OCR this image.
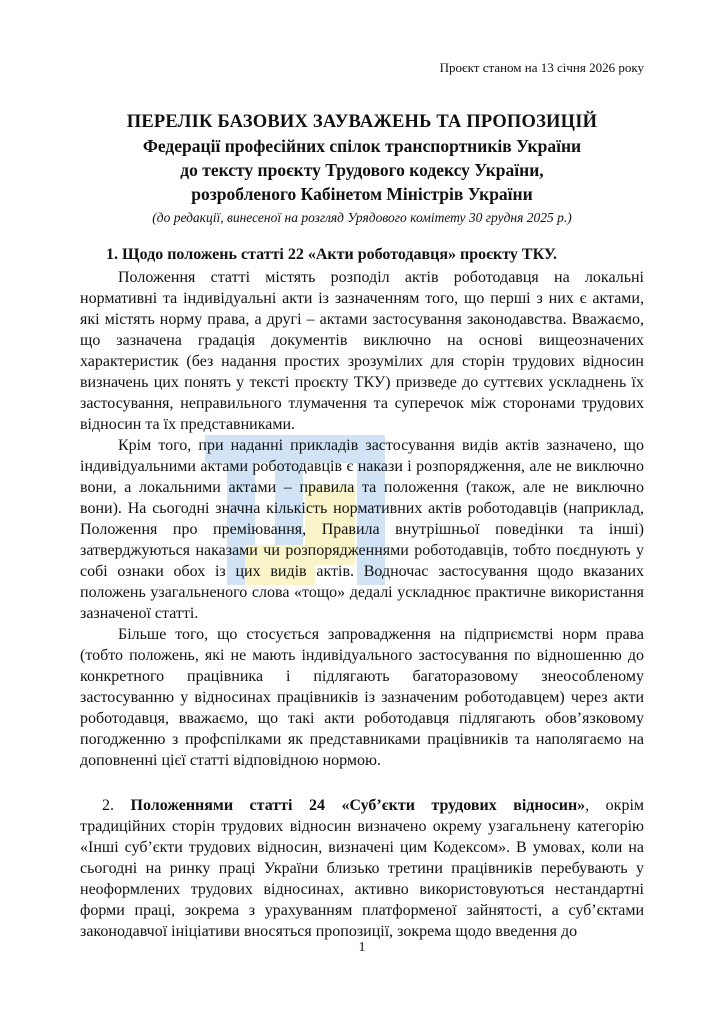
Проєкт станом на 13 січня 2026 року
ПЕРЕЛІК БАЗОВИХ ЗАУВАЖЕНЬ ТА ПРОПОЗИЦІЙ
Федерації професійних спілок транспортників України
до тексту проєкту Трудового кодексу України,
розробленого Кабінетом Міністрів України
(до редакції, винесеної на розгляд Урядового комітету 30 грудня 2025 р.)
1. Щодо положень статті 22 «Акти роботодавця» проєкту ТКУ.

Положення статті містять розподіл актів роботодавця на локальні нормативні та індивідуальні акти із зазначенням того, що перші з них є актами, які містять норму права, а другі – актами застосування законодавства. Вважаємо, що зазначена градація документів виключно на основі вищеозначених характеристик (без надання простих зрозумілих для сторін трудових відносин визначень цих понять у тексті проєкту ТКУ) призведе до суттєвих ускладнень їх застосування, неправильного тлумачення та суперечок між сторонами трудових відносин та їх представниками.

Крім того, при наданні прикладів застосування видів актів зазначено, що індивідуальними актами роботодавців є накази і розпорядження, але не виключно вони, а локальними актами – правила та положення (також, але не виключно вони). На сьогодні значна кількість нормативних актів роботодавців (наприклад, Положення про преміювання, Правила внутрішньої поведінки та інші) затверджуються наказами чи розпорядженнями роботодавців, тобто поєднують у собі ознаки обох із цих видів актів. Водночас застосування щодо вказаних положень узагальненого слова «тощо» дедалі ускладнює практичне використання зазначеної статті.

Більше того, що стосується запровадження на підприємстві норм права (тобто положень, які не мають індивідуального застосування по відношенню до конкретного працівника і підлягають багаторазовому знеособленому застосуванню у відносинах працівників із зазначеним роботодавцем) через акти роботодавця, вважаємо, що такі акти роботодавця підлягають обов’язковому погодженню з профспілками як представниками працівників та наполягаємо на доповненні цієї статті відповідною нормою.

2. Положеннями статті 24 «Суб’єкти трудових відносин», окрім традиційних сторін трудових відносин визначено окрему узагальнену категорію «Інші суб’єкти трудових відносин, визначені цим Кодексом». В умовах, коли на сьогодні на ринку праці України близько третини працівників перебувають у неоформлених трудових відносинах, активно використовуються нестандартні форми праці, зокрема з урахуванням платформеної зайнятості, а суб’єктами законодавчої ініціативи вносяться пропозиції, зокрема щодо введення до

1
